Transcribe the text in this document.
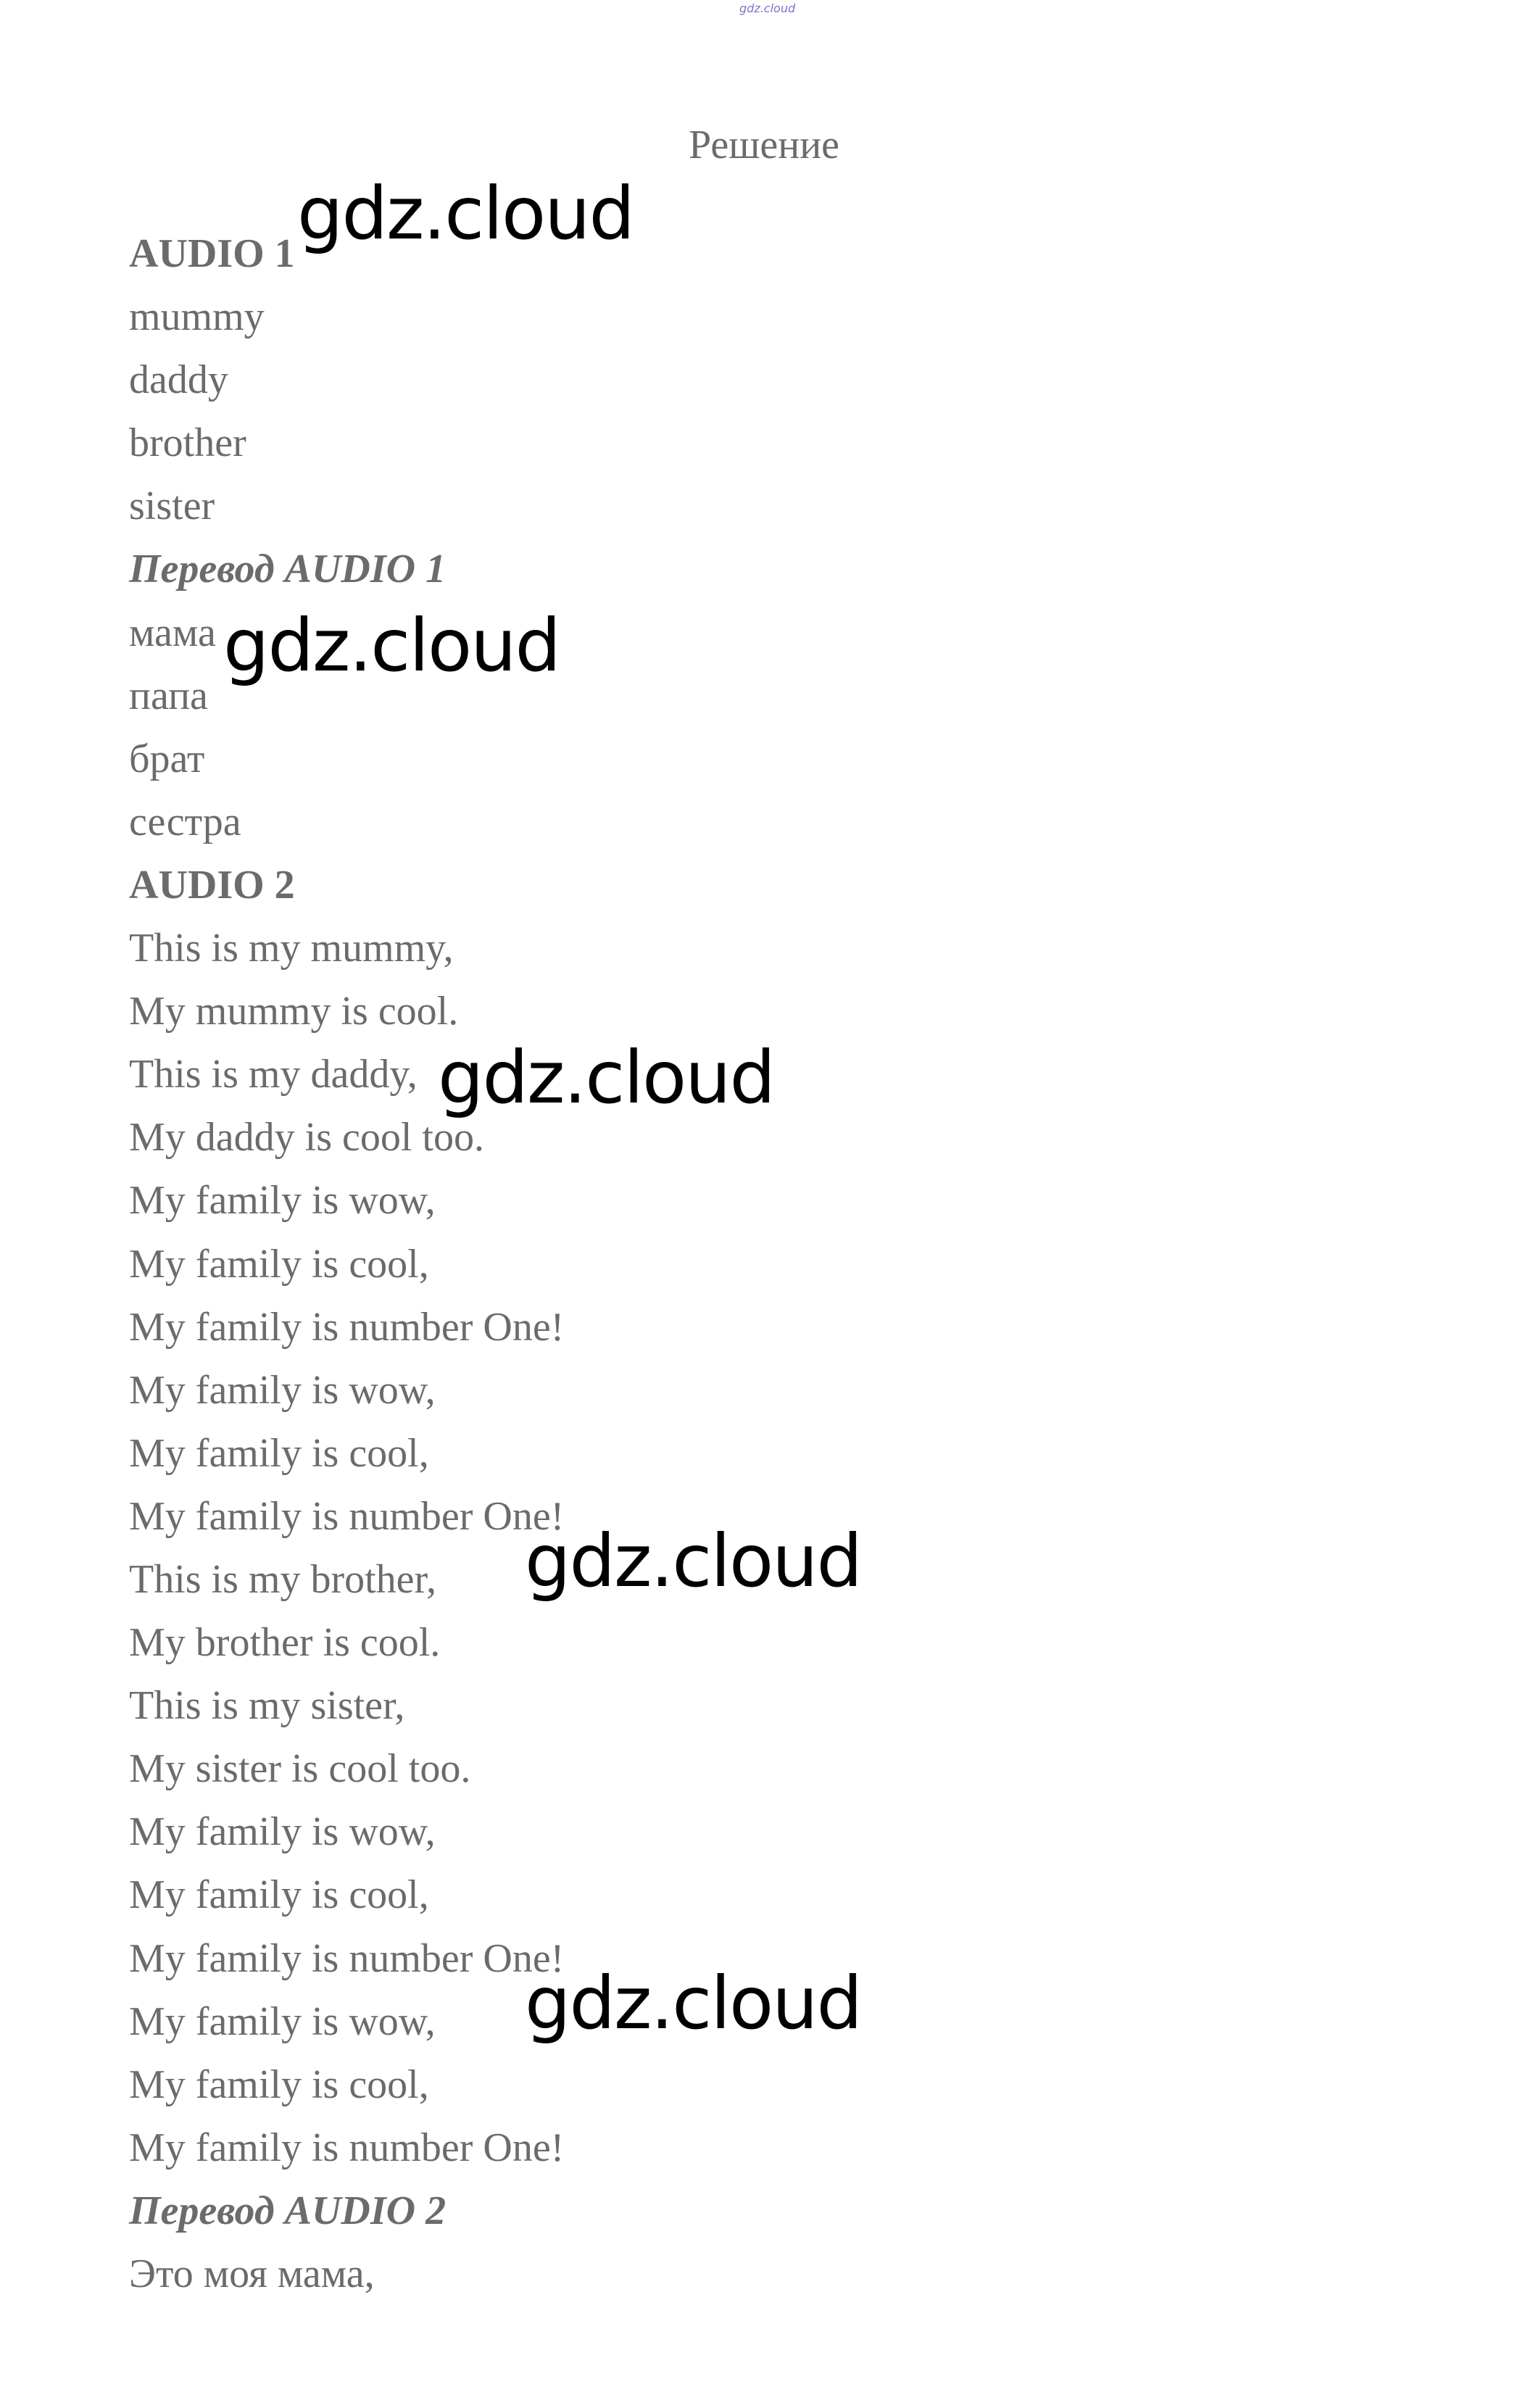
gdz.cloud
Решение
AUDIO 1
mummy
daddy
brother
sister
Перевод AUDIO 1
мама
папа
брат
сестра
AUDIO 2
This is my mummy,
My mummy is cool.
This is my daddy,
My daddy is cool too.
My family is wow,
My family is cool,
My family is number One!
My family is wow,
My family is cool,
My family is number One!
This is my brother,
My brother is cool.
This is my sister,
My sister is cool too.
My family is wow,
My family is cool,
My family is number One!
My family is wow,
My family is cool,
My family is number One!
Перевод AUDIO 2
Это моя мама,
gdz.cloud
gdz.cloud
gdz.cloud
gdz.cloud
gdz.cloud
